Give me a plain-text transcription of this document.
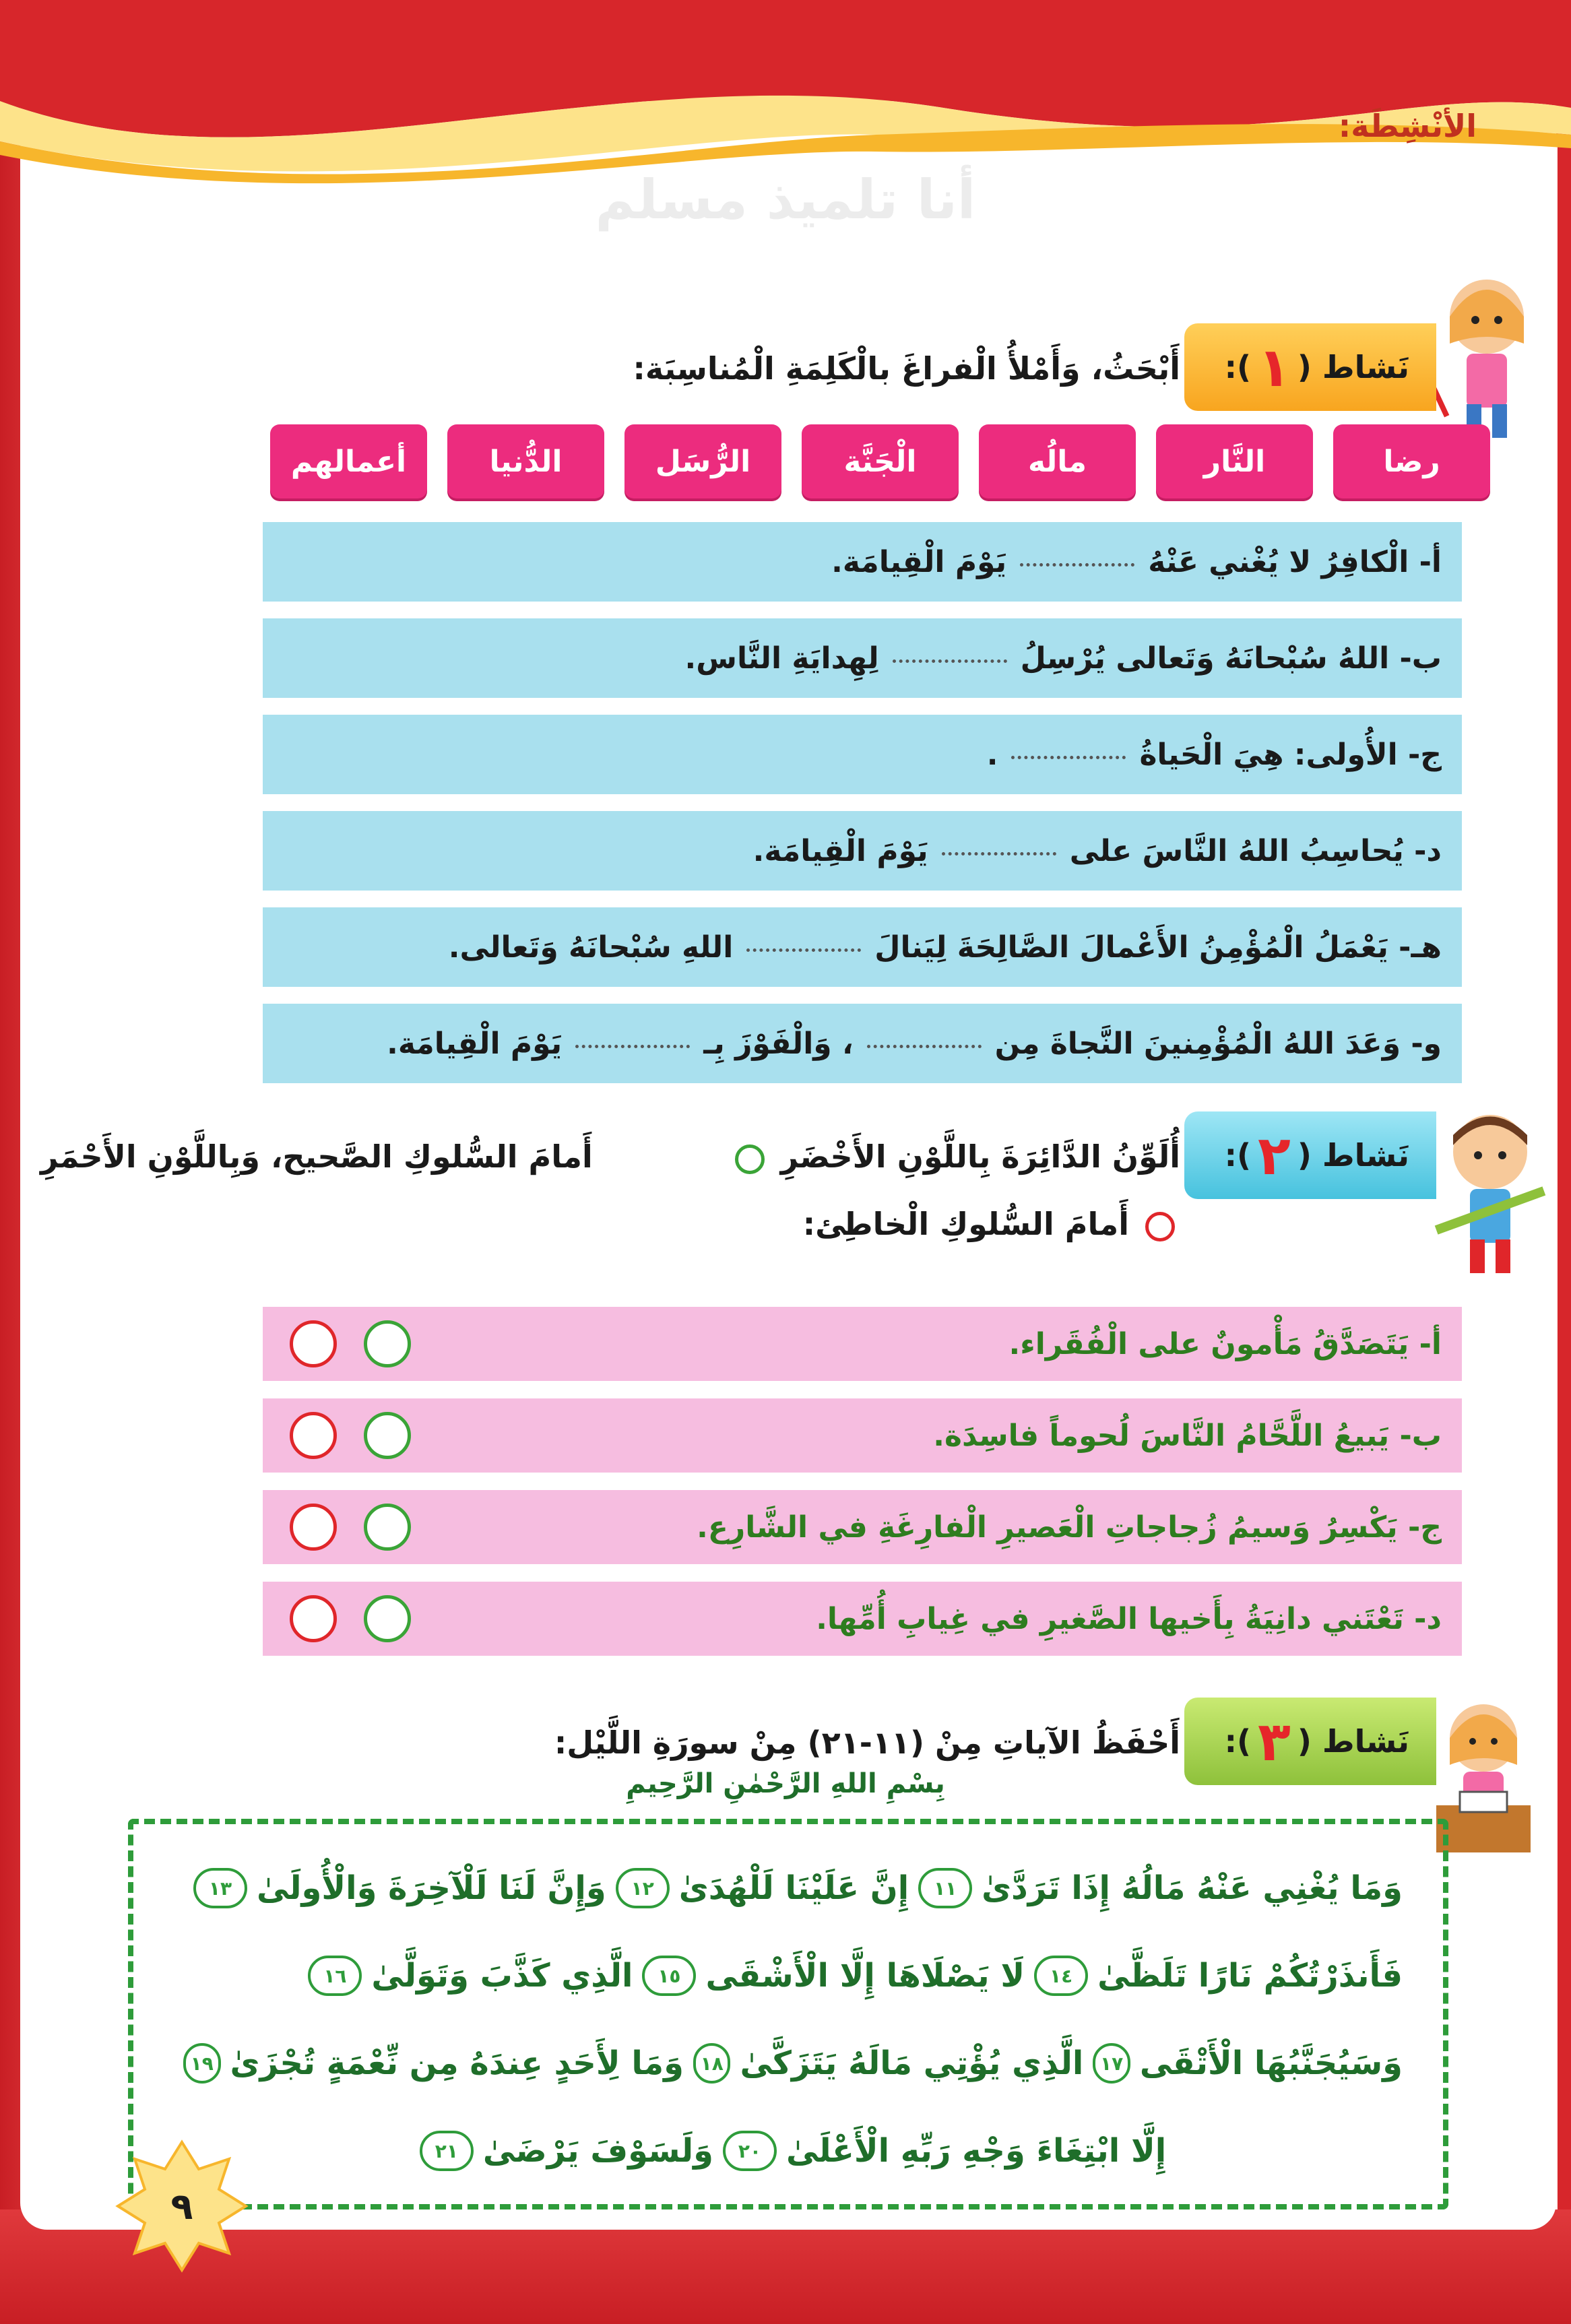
الأنْشِطَة:
أنا تلميذ مسلم
نَشاط (
١
):
أَبْحَثُ، وَأَمْلأُ الْفراغَ بالْكَلِمَةِ الْمُناسِبَة:
رضا
النَّار
مالُه
الْجَنَّة
الرُّسَل
الدُّنيا
أعمالهم
أ- الْكافِرُ لا يُغْني عَنْهُ
يَوْمَ الْقِيامَة.
ب- اللهُ سُبْحانَهُ وَتَعالى يُرْسِلُ
لِهِدايَةِ النَّاس.
ج- الأُولى: هِيَ الْحَياةُ
.
د- يُحاسِبُ اللهُ النَّاسَ على
يَوْمَ الْقِيامَة.
هـ- يَعْمَلُ الْمُؤْمِنُ الأَعْمالَ الصَّالِحَةَ لِيَنالَ
اللهِ سُبْحانَهُ وَتَعالى.
و- وَعَدَ اللهُ الْمُؤْمِنينَ النَّجاةَ مِن
، وَالْفَوْزَ بِـ
يَوْمَ الْقِيامَة.
نَشاط (
٢
):
أُلَوِّنُ الدَّائِرَةَ بِاللَّوْنِ الأَخْضَرِ
أَمامَ السُّلوكِ الصَّحيح، وَبِاللَّوْنِ الأَحْمَرِ
أَمامَ السُّلوكِ الْخاطِئ:
أ- يَتَصَدَّقُ مَأْمونٌ على الْفُقَراء.
ب- يَبيعُ اللَّحَّامُ النَّاسَ لُحوماً فاسِدَة.
ج- يَكْسِرُ وَسيمُ زُجاجاتِ الْعَصيرِ الْفارِغَةِ في الشَّارِع.
د- تَعْتَني دانِيَةُ بِأَخيها الصَّغيرِ في غِيابِ أُمِّها.
نَشاط (
٣
):
أَحْفَظُ الآياتِ مِنْ (١١-٢١) مِنْ سورَةِ اللَّيْل:
بِسْمِ اللهِ الرَّحْمٰنِ الرَّحِيمِ
وَمَا يُغْنِي عَنْهُ مَالُهُ إِذَا تَرَدَّىٰ
١١
إِنَّ عَلَيْنَا لَلْهُدَىٰ
١٢
وَإِنَّ لَنَا لَلْآخِرَةَ وَالْأُولَىٰ
١٣
فَأَنذَرْتُكُمْ نَارًا تَلَظَّىٰ
١٤
لَا يَصْلَاهَا إِلَّا الْأَشْقَى
١٥
الَّذِي كَذَّبَ وَتَوَلَّىٰ
١٦
وَسَيُجَنَّبُهَا الْأَتْقَى
١٧
الَّذِي يُؤْتِي مَالَهُ يَتَزَكَّىٰ
١٨
وَمَا لِأَحَدٍ عِندَهُ مِن نِّعْمَةٍ تُجْزَىٰ
١٩
إِلَّا ابْتِغَاءَ وَجْهِ رَبِّهِ الْأَعْلَىٰ
٢٠
وَلَسَوْفَ يَرْضَىٰ
٢١
٩
